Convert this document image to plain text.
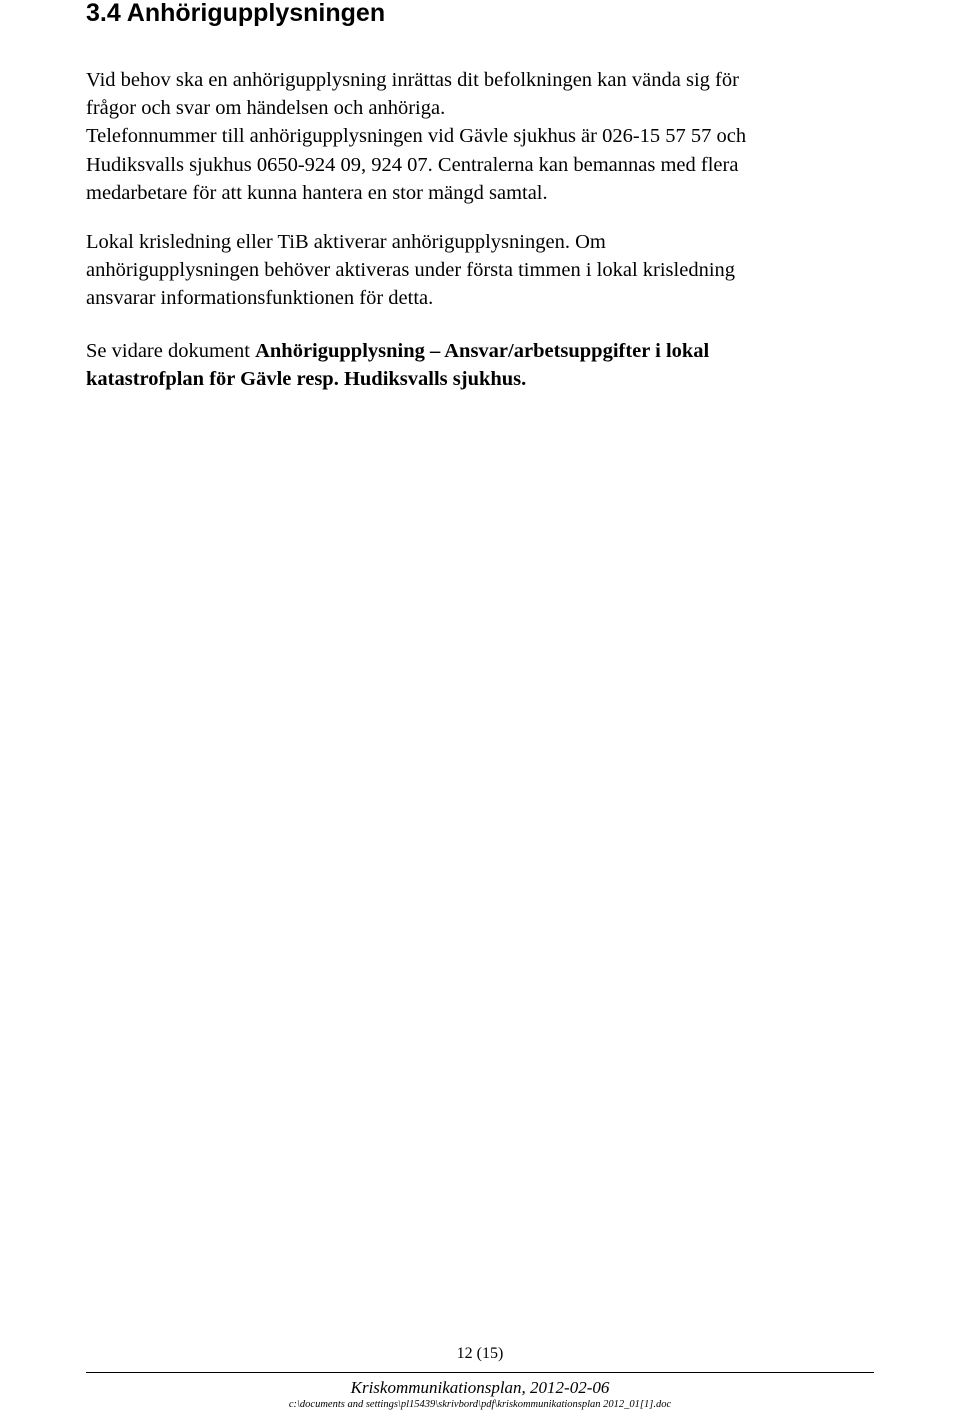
3.4 Anhörigupplysningen

Vid behov ska en anhörigupplysning inrättas dit befolkningen kan vända sig för
frågor och svar om händelsen och anhöriga.
Telefonnummer till anhörigupplysningen vid Gävle sjukhus är 026-15 57 57 och
Hudiksvalls sjukhus 0650-924 09, 924 07. Centralerna kan bemannas med flera
medarbetare för att kunna hantera en stor mängd samtal.

Lokal krisledning eller TiB aktiverar anhörigupplysningen. Om
anhörigupplysningen behöver aktiveras under första timmen i lokal krisledning
ansvarar informationsfunktionen för detta.

Se vidare dokument Anhörigupplysning – Ansvar/arbetsuppgifter i lokal
katastrofplan för Gävle resp. Hudiksvalls sjukhus.

12 (15)
Kriskommunikationsplan, 2012-02-06
c:\documents and settings\pl15439\skrivbord\pdf\kriskommunikationsplan 2012_01[1].doc
